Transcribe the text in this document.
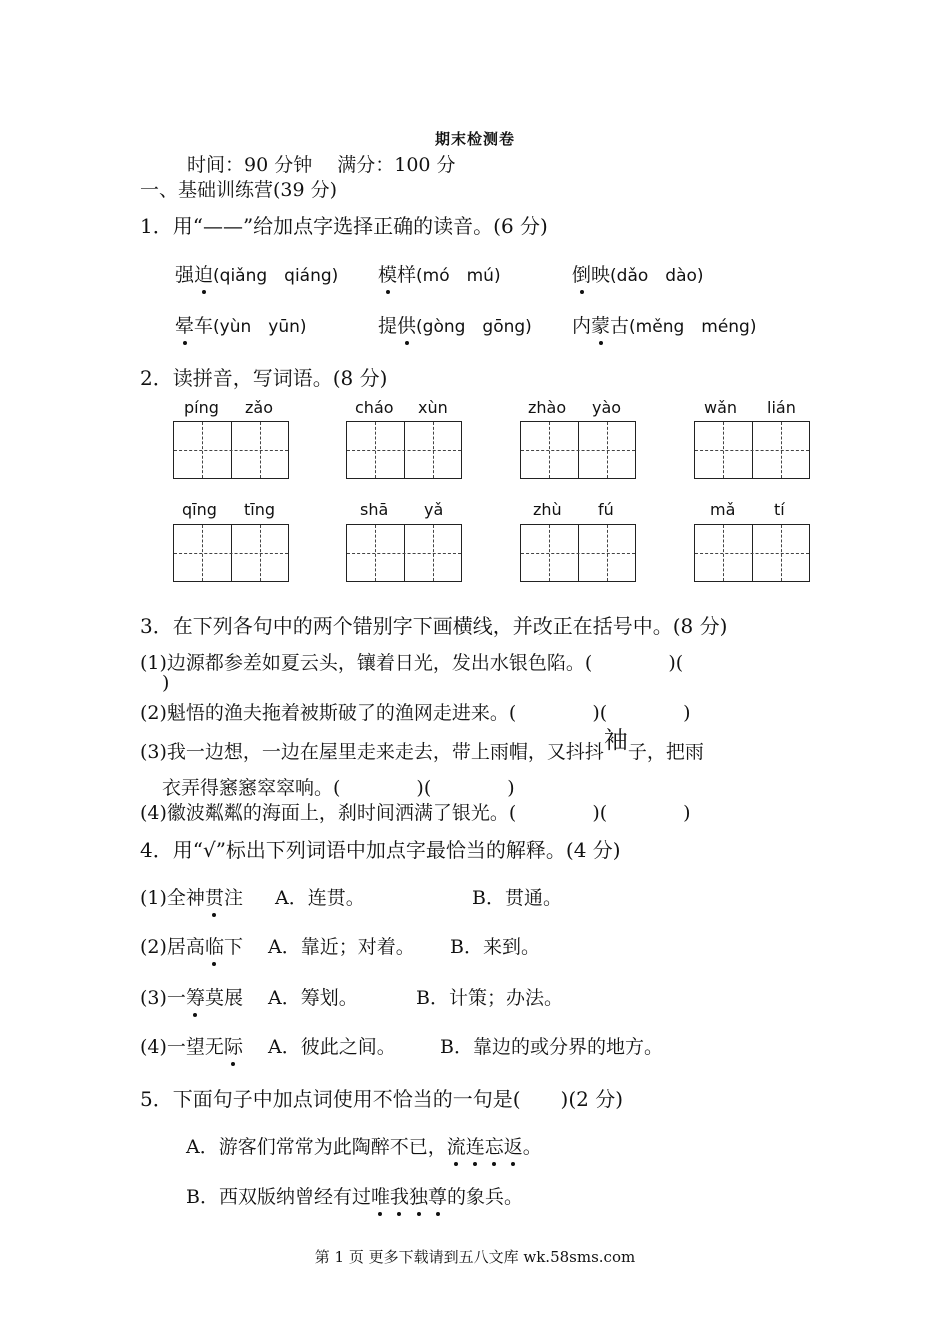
期末检测卷
时间：90 分钟　 满分：100 分
一、基础训练营(39 分)
1．用“——”给加点字选择正确的读音。(6 分)
强迫(qiǎng　qiáng) 模样(mó　mú)	倒映(dǎo　dào)
晕车(yùn　yūn)	提供(gòng　gōng) 内蒙古(měng　méng)
2．读拼音，写词语。(8 分)
píng zǎo	cháo xùn	zhào yào	wǎn lián
qīng tīng	shā yǎ	zhù fú	mǎ tí
3．在下列各句中的两个错别字下画横线，并改正在括号中。(8 分)
(1)边源都参差如夏云头，镶着日光，发出水银色陷。(　　　　)(
)
(2)魁悟的渔夫拖着被斯破了的渔网走进来。(　　　　)(　　　　)
(3)我一边想，一边在屋里走来走去，带上雨帽，又抖抖袖子，把雨
衣弄得窸窸窣窣响。(　　　　)(　　　　)
(4)徽波粼粼的海面上，刹时间洒满了银光。(　　　　)(　　　　)
4．用“√”标出下列词语中加点字最恰当的解释。(4 分)
(1)全神贯注 A．连贯。	B．贯通。
(2)居高临下 A．靠近；对着。 B．来到。
(3)一筹莫展 A．筹划。	B．计策；办法。
(4)一望无际 A．彼此之间。 B．靠边的或分界的地方。
5．下面句子中加点词使用不恰当的一句是(　　)(2 分)
A．游客们常常为此陶醉不已，流连忘返。
B．西双版纳曾经有过唯我独尊的象兵。
第 1 页 更多下载请到五八文库 wk.58sms.com
